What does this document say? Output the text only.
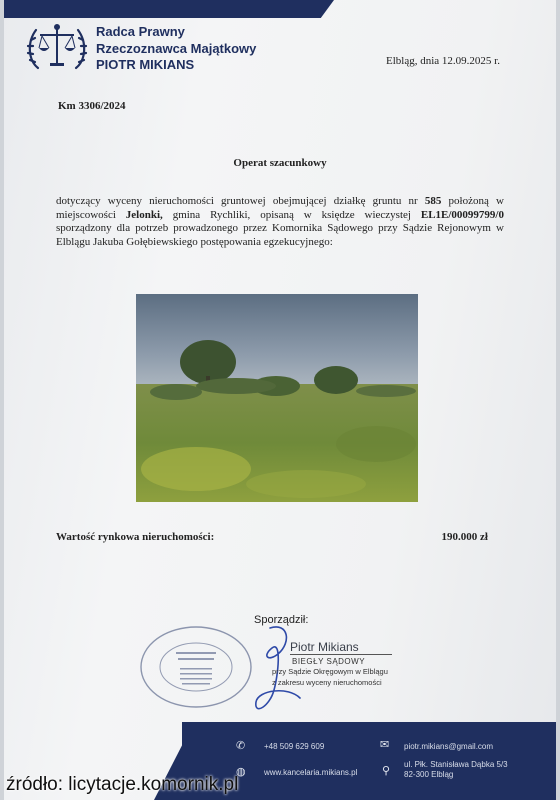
Radca Prawny
Rzeczoznawca Majątkowy
PIOTR MIKIANS	Elbląg, dnia 12.09.2025 r.
Km 3306/2024
Operat szacunkowy
dotyczący wyceny nieruchomości gruntowej obejmującej działkę gruntu nr 585 położoną w miejscowości Jelonki, gmina Rychliki, opisaną w księdze wieczystej EL1E/00099799/0 sporządzony dla potrzeb prowadzonego przez Komornika Sądowego przy Sądzie Rejonowym w Elblągu Jakuba Gołębiewskiego postępowania egzekucyjnego:
Wartość rynkowa nieruchomości:	190.000 zł
Sporządził:
Piotr Mikians
BIEGŁY SĄDOWY
przy Sądzie Okręgowym w Elblągu
z zakresu wyceny nieruchomości
✆ +48 509 629 609	✉ piotr.mikians@gmail.com
◍ www.kancelaria.mikians.pl ⚲ ul. Płk. Stanisława Dąbka 5/3
82-300 Elbląg
źródło: licytacje.komornik.pl
